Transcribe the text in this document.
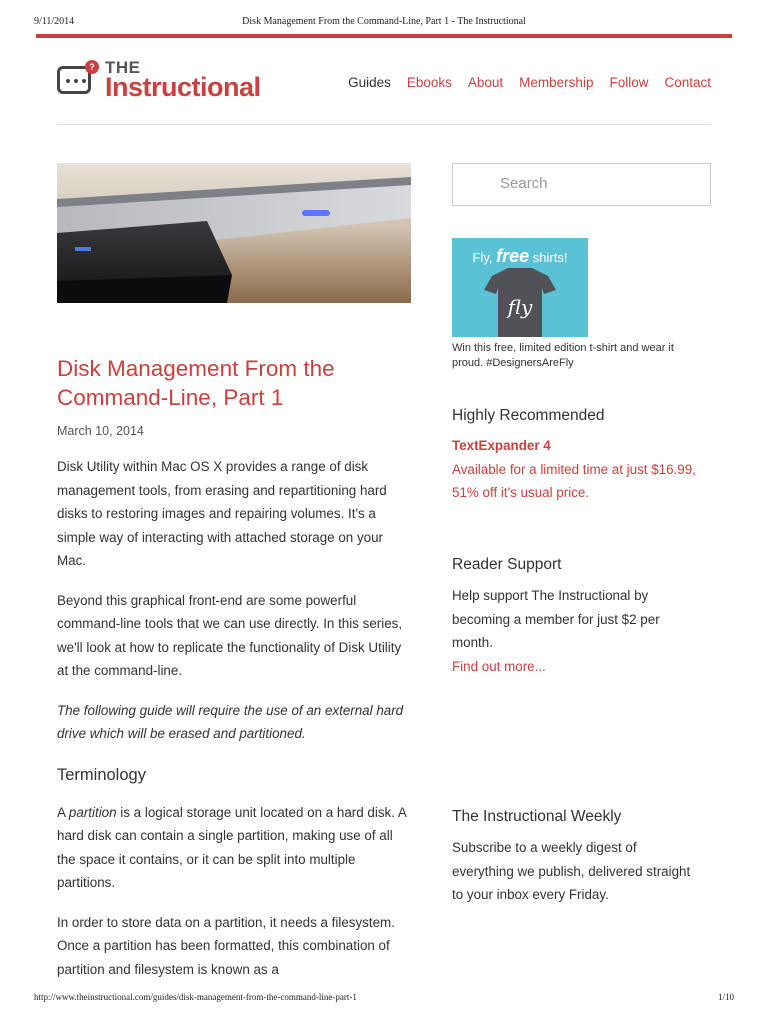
9/11/2014	Disk Management From the Command-Line, Part 1 - The Instructional
? THE
Instructional	Guides Ebooks About Membership Follow Contact
Disk Management From the Command-Line, Part 1
March 10, 2014

Disk Utility within Mac OS X provides a range of disk management tools, from erasing and repartitioning hard disks to restoring images and repairing volumes. It's a simple way of interacting with attached storage on your Mac.

Beyond this graphical front-end are some powerful command-line tools that we can use directly. In this series, we'll look at how to replicate the functionality of Disk Utility at the command-line.

The following guide will require the use of an external hard drive which will be erased and partitioned.

Terminology

A partition is a logical storage unit located on a hard disk. A hard disk can contain a single partition, making use of all the space it contains, or it can be split into multiple partitions.

In order to store data on a partition, it needs a filesystem. Once a partition has been formatted, this combination of partition and filesystem is known as a

Search
Fly, free shirts!
fly
Win this free, limited edition t-shirt and wear it proud. #DesignersAreFly
Highly Recommended
TextExpander 4
Available for a limited time at just $16.99, 51% off it's usual price.
Reader Support
Help support The Instructional by becoming a member for just $2 per month.
Find out more...
The Instructional Weekly
Subscribe to a weekly digest of everything we publish, delivered straight to your inbox every Friday.
http://www.theinstructional.com/guides/disk-management-from-the-command-line-part-1	1/10
